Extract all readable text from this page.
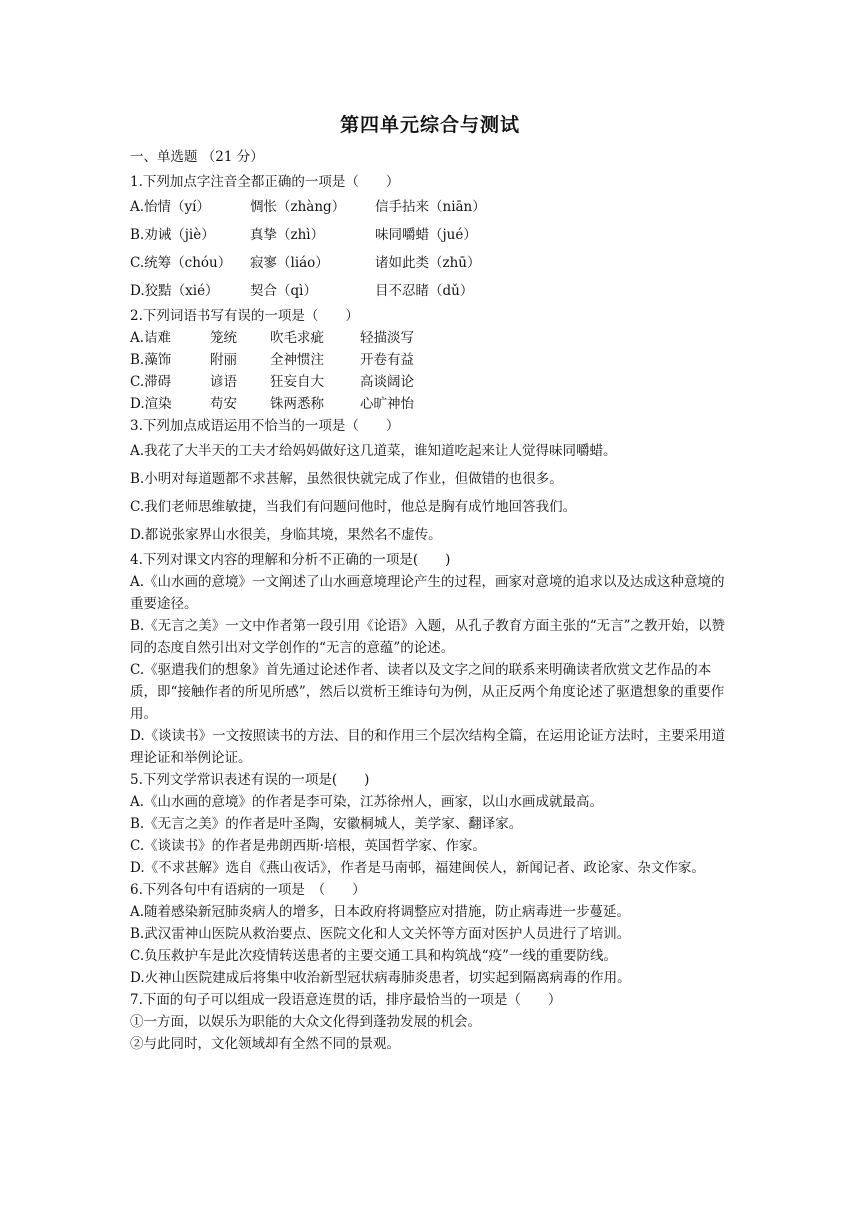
第四单元综合与测试
一、单选题 （21 分）
1.下列加点字注音全都正确的一项是（　　）
A.怡情（yí）	惆怅（zhàng）	信手拈来（niān）
B.劝诫（jiè）	真挚（zhì）	味同嚼蜡（jué）
C.统筹（chóu）	寂寥（liáo）	诸如此类（zhū）
D.狡黠（xié）	契合（qì）	目不忍睹（dǔ）
2.下列词语书写有误的一项是（　　）
A.诘难	笼统	吹毛求疵	轻描淡写
B.藻饰	附丽	全神惯注	开卷有益
C.滞碍	谚语	狂妄自大	高谈阔论
D.渲染	苟安	铢两悉称	心旷神怡
3.下列加点成语运用不恰当的一项是（　　）
A.我花了大半天的工夫才给妈妈做好这几道菜，谁知道吃起来让人觉得味同嚼蜡。
B.小明对每道题都不求甚解，虽然很快就完成了作业，但做错的也很多。
C.我们老师思维敏捷，当我们有问题问他时，他总是胸有成竹地回答我们。
D.都说张家界山水很美，身临其境，果然名不虚传。
4.下列对课文内容的理解和分析不正确的一项是(　　)
A.《山水画的意境》一文阐述了山水画意境理论产生的过程，画家对意境的追求以及达成这种意境的重要途径。
B.《无言之美》一文中作者第一段引用《论语》入题，从孔子教育方面主张的“无言”之教开始，以赞同的态度自然引出对文学创作的“无言的意蕴”的论述。
C.《驱遣我们的想象》首先通过论述作者、读者以及文字之间的联系来明确读者欣赏文艺作品的本质，即“接触作者的所见所感”，然后以赏析王维诗句为例，从正反两个角度论述了驱遣想象的重要作用。
D.《谈读书》一文按照读书的方法、目的和作用三个层次结构全篇，在运用论证方法时，主要采用道理论证和举例论证。
5.下列文学常识表述有误的一项是(　　)
A.《山水画的意境》的作者是李可染，江苏徐州人，画家，以山水画成就最高。
B.《无言之美》的作者是叶圣陶，安徽桐城人，美学家、翻译家。
C.《谈读书》的作者是弗朗西斯·培根，英国哲学家、作家。
D.《不求甚解》选自《燕山夜话》，作者是马南邨，福建闽侯人，新闻记者、政论家、杂文作家。
6.下列各句中有语病的一项是　（　　）
A.随着感染新冠肺炎病人的增多，日本政府将调整应对措施，防止病毒进一步蔓延。
B.武汉雷神山医院从救治要点、医院文化和人文关怀等方面对医护人员进行了培训。
C.负压救护车是此次疫情转送患者的主要交通工具和构筑战“疫”一线的重要防线。
D.火神山医院建成后将集中收治新型冠状病毒肺炎患者，切实起到隔离病毒的作用。
7.下面的句子可以组成一段语意连贯的话，排序最恰当的一项是（　　）
①一方面，以娱乐为职能的大众文化得到蓬勃发展的机会。
②与此同时，文化领域却有全然不同的景观。
